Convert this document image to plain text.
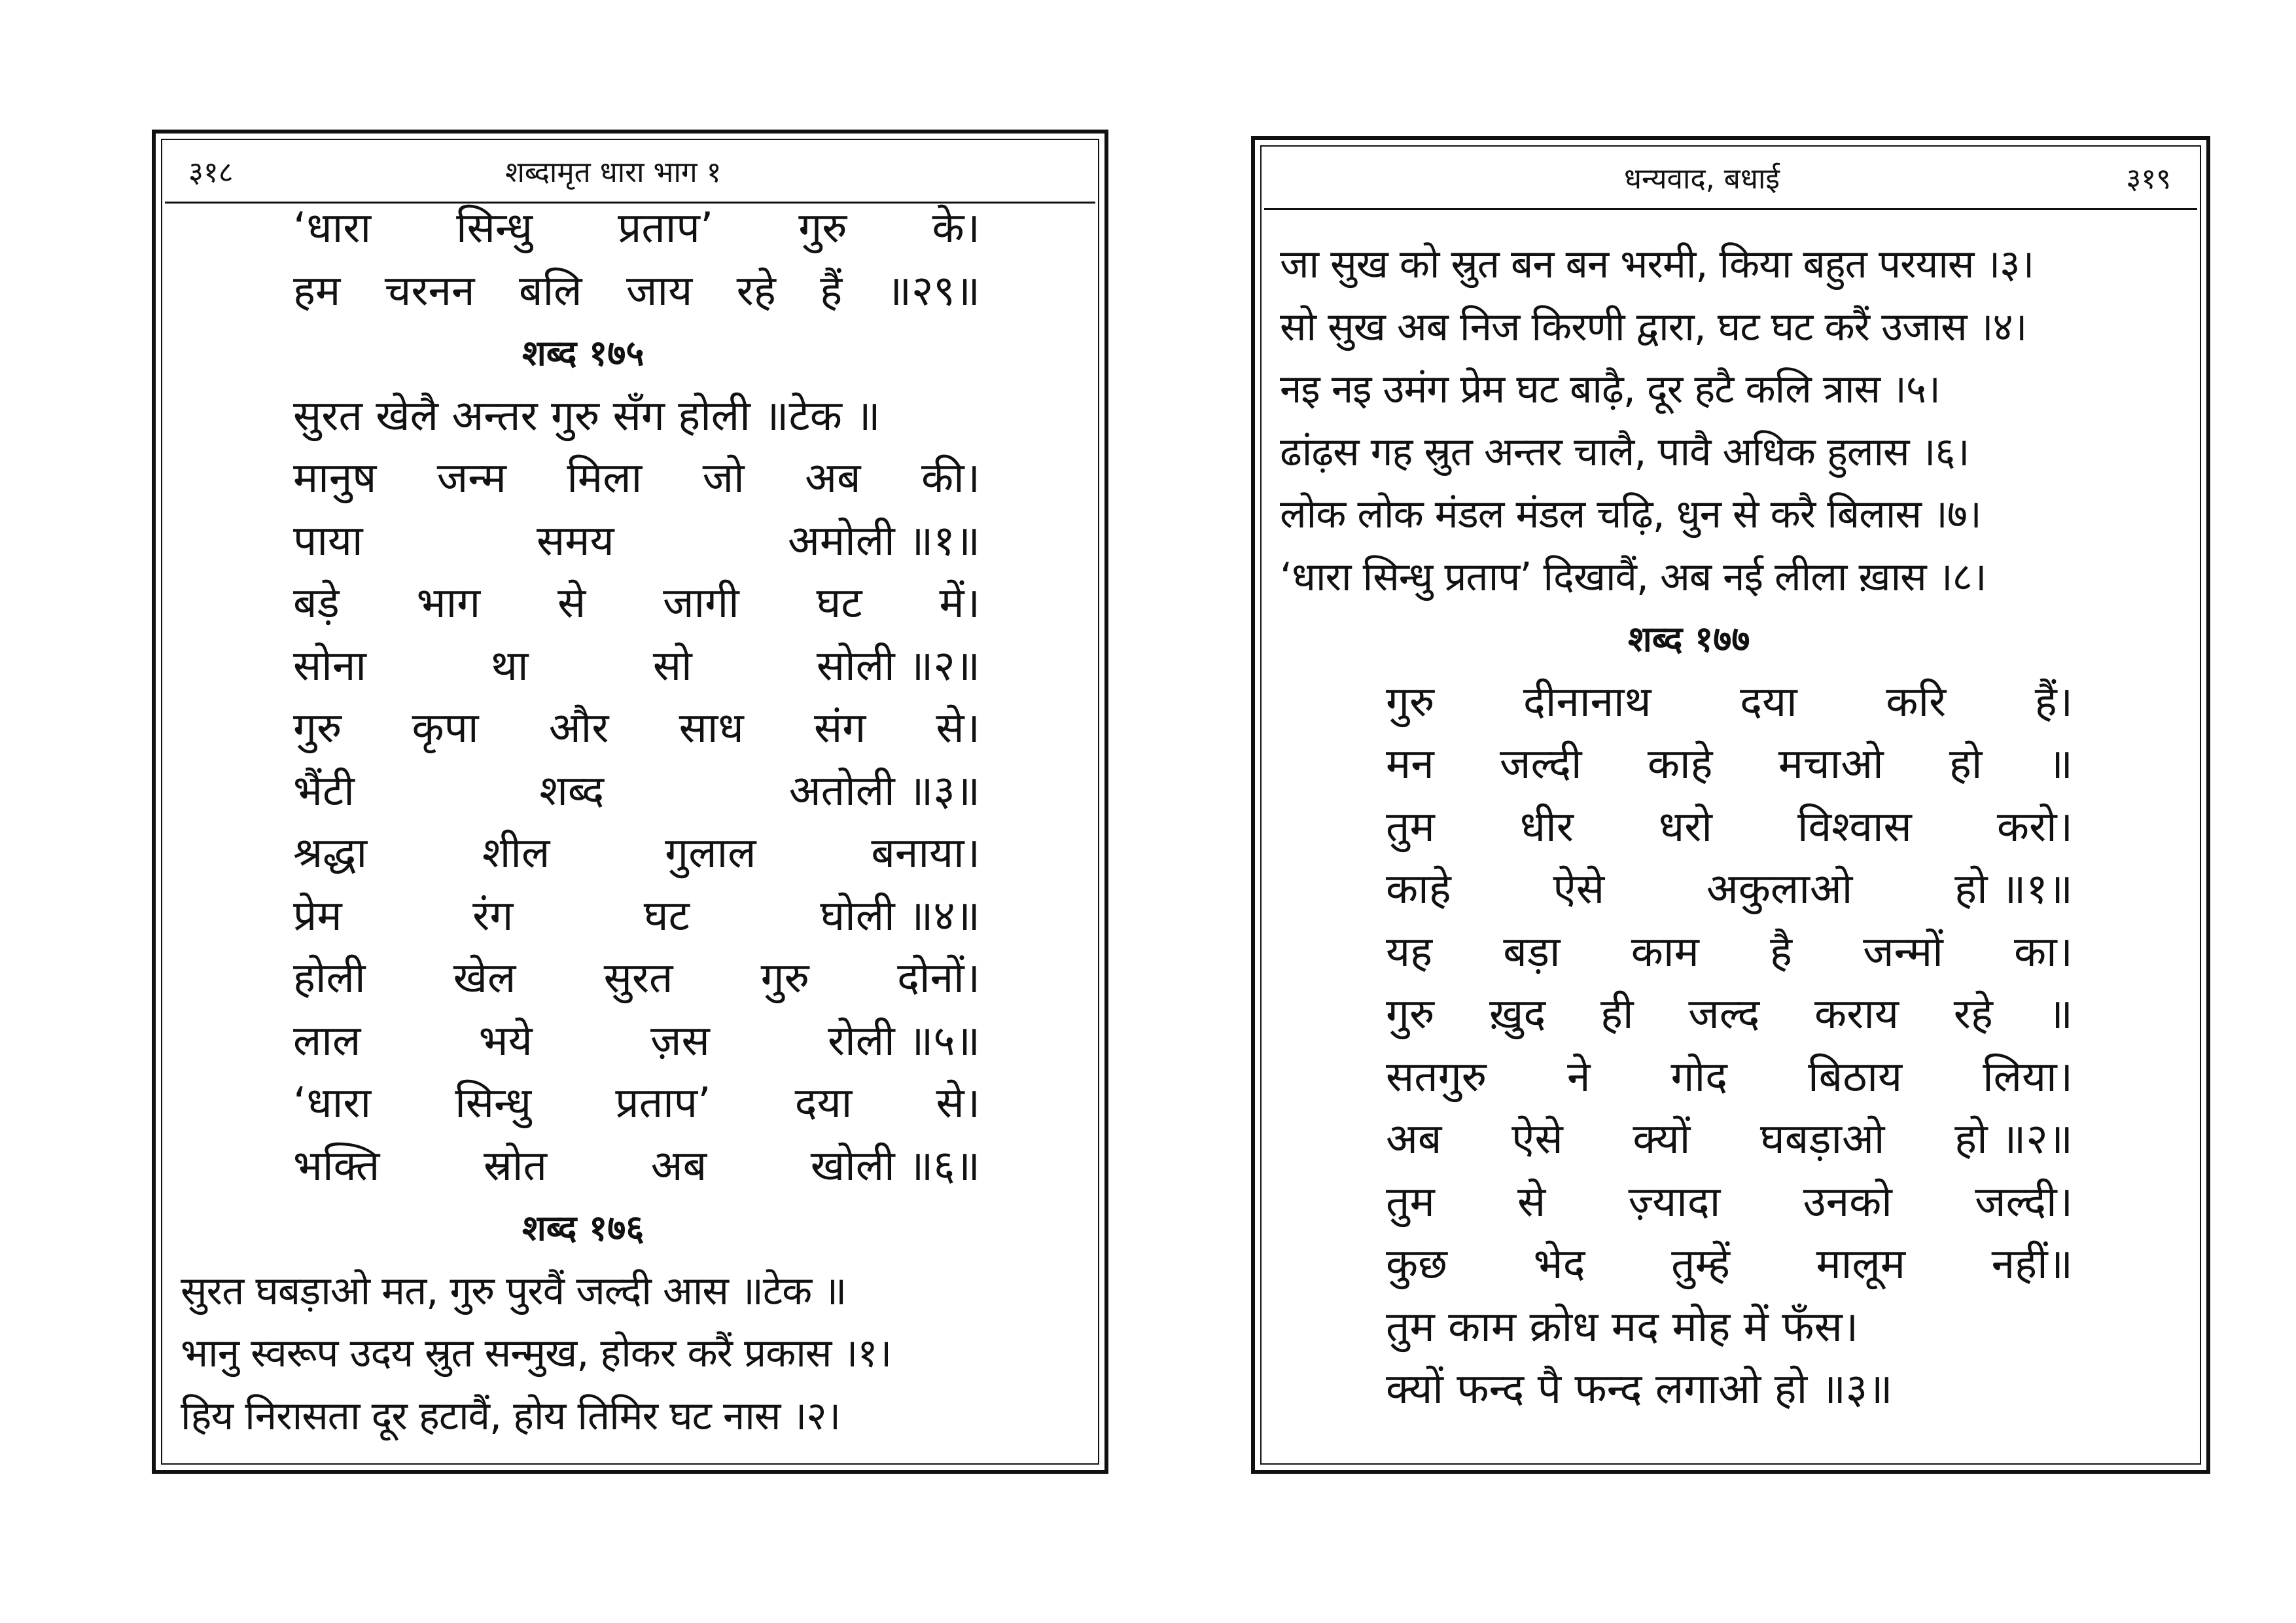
३१८	शब्दामृत धारा भाग १
‘धारा सिन्धु प्रताप’ गुरु के।
हम चरनन बलि जाय रहे हैं ॥२९॥
शब्द १७५
सुरत खेलै अन्तर गुरु सँग होली ॥टेक ॥
मानुष जन्म मिला जो अब की।
पाया	समय	अमोली ॥१॥
बड़े भाग से जागी घट में।
सोना	था	सो	सोली ॥२॥
गुरु कृपा और साध संग से।
भैंटी	शब्द	अतोली ॥३॥
श्रद्धा	शील	गुलाल	बनाया।
प्रेम	रंग	घट	घोली ॥४॥
होली खेल सुरत गुरु दोनों।
लाल	भये	ज़स	रोली ॥५॥
‘धारा सिन्धु प्रताप’ दया से।
भक्ति स्रोत अब खोली ॥६॥
शब्द १७६
सुरत घबड़ाओ मत, गुरु पुरवैं जल्दी आस ॥टेक ॥
भानु स्वरूप उदय स्रुत सन्मुख, होकर करैं प्रकास ।१।
हिय निरासता दूर हटावैं, होय तिमिर घट नास ।२।
धन्यवाद, बधाई	३१९
जा सुख को स्रुत बन बन भरमी, किया बहुत परयास ।३।
सो सुख अब निज किरणी द्वारा, घट घट करैं उजास ।४।
नइ नइ उमंग प्रेम घट बाढ़ै, दूर हटै कलि त्रास ।५।
ढांढ़स गह स्रुत अन्तर चालै, पावै अधिक हुलास ।६।
लोक लोक मंडल मंडल चढ़ि, धुन से करै बिलास ।७।
‘धारा सिन्धु प्रताप’ दिखावैं, अब नई लीला ख़ास ।८।
शब्द १७७
गुरु दीनानाथ दया करि हैं।
मन जल्दी काहे मचाओ हो ॥
तुम धीर धरो विश्वास करो।
काहे ऐसे अकुलाओ हो ॥१॥
यह बड़ा काम है जन्मों का।
गुरु ख़ुद ही जल्द कराय रहे ॥
सतगुरु ने गोद बिठाय लिया।
अब ऐसे क्यों घबड़ाओ हो ॥२॥
तुम से ज़्यादा उनको जल्दी।
कुछ भेद तुम्हें मालूम नहीं॥
तुम काम क्रोध मद मोह में फँस।
क्यों फन्द पै फन्द लगाओ हो ॥३॥
